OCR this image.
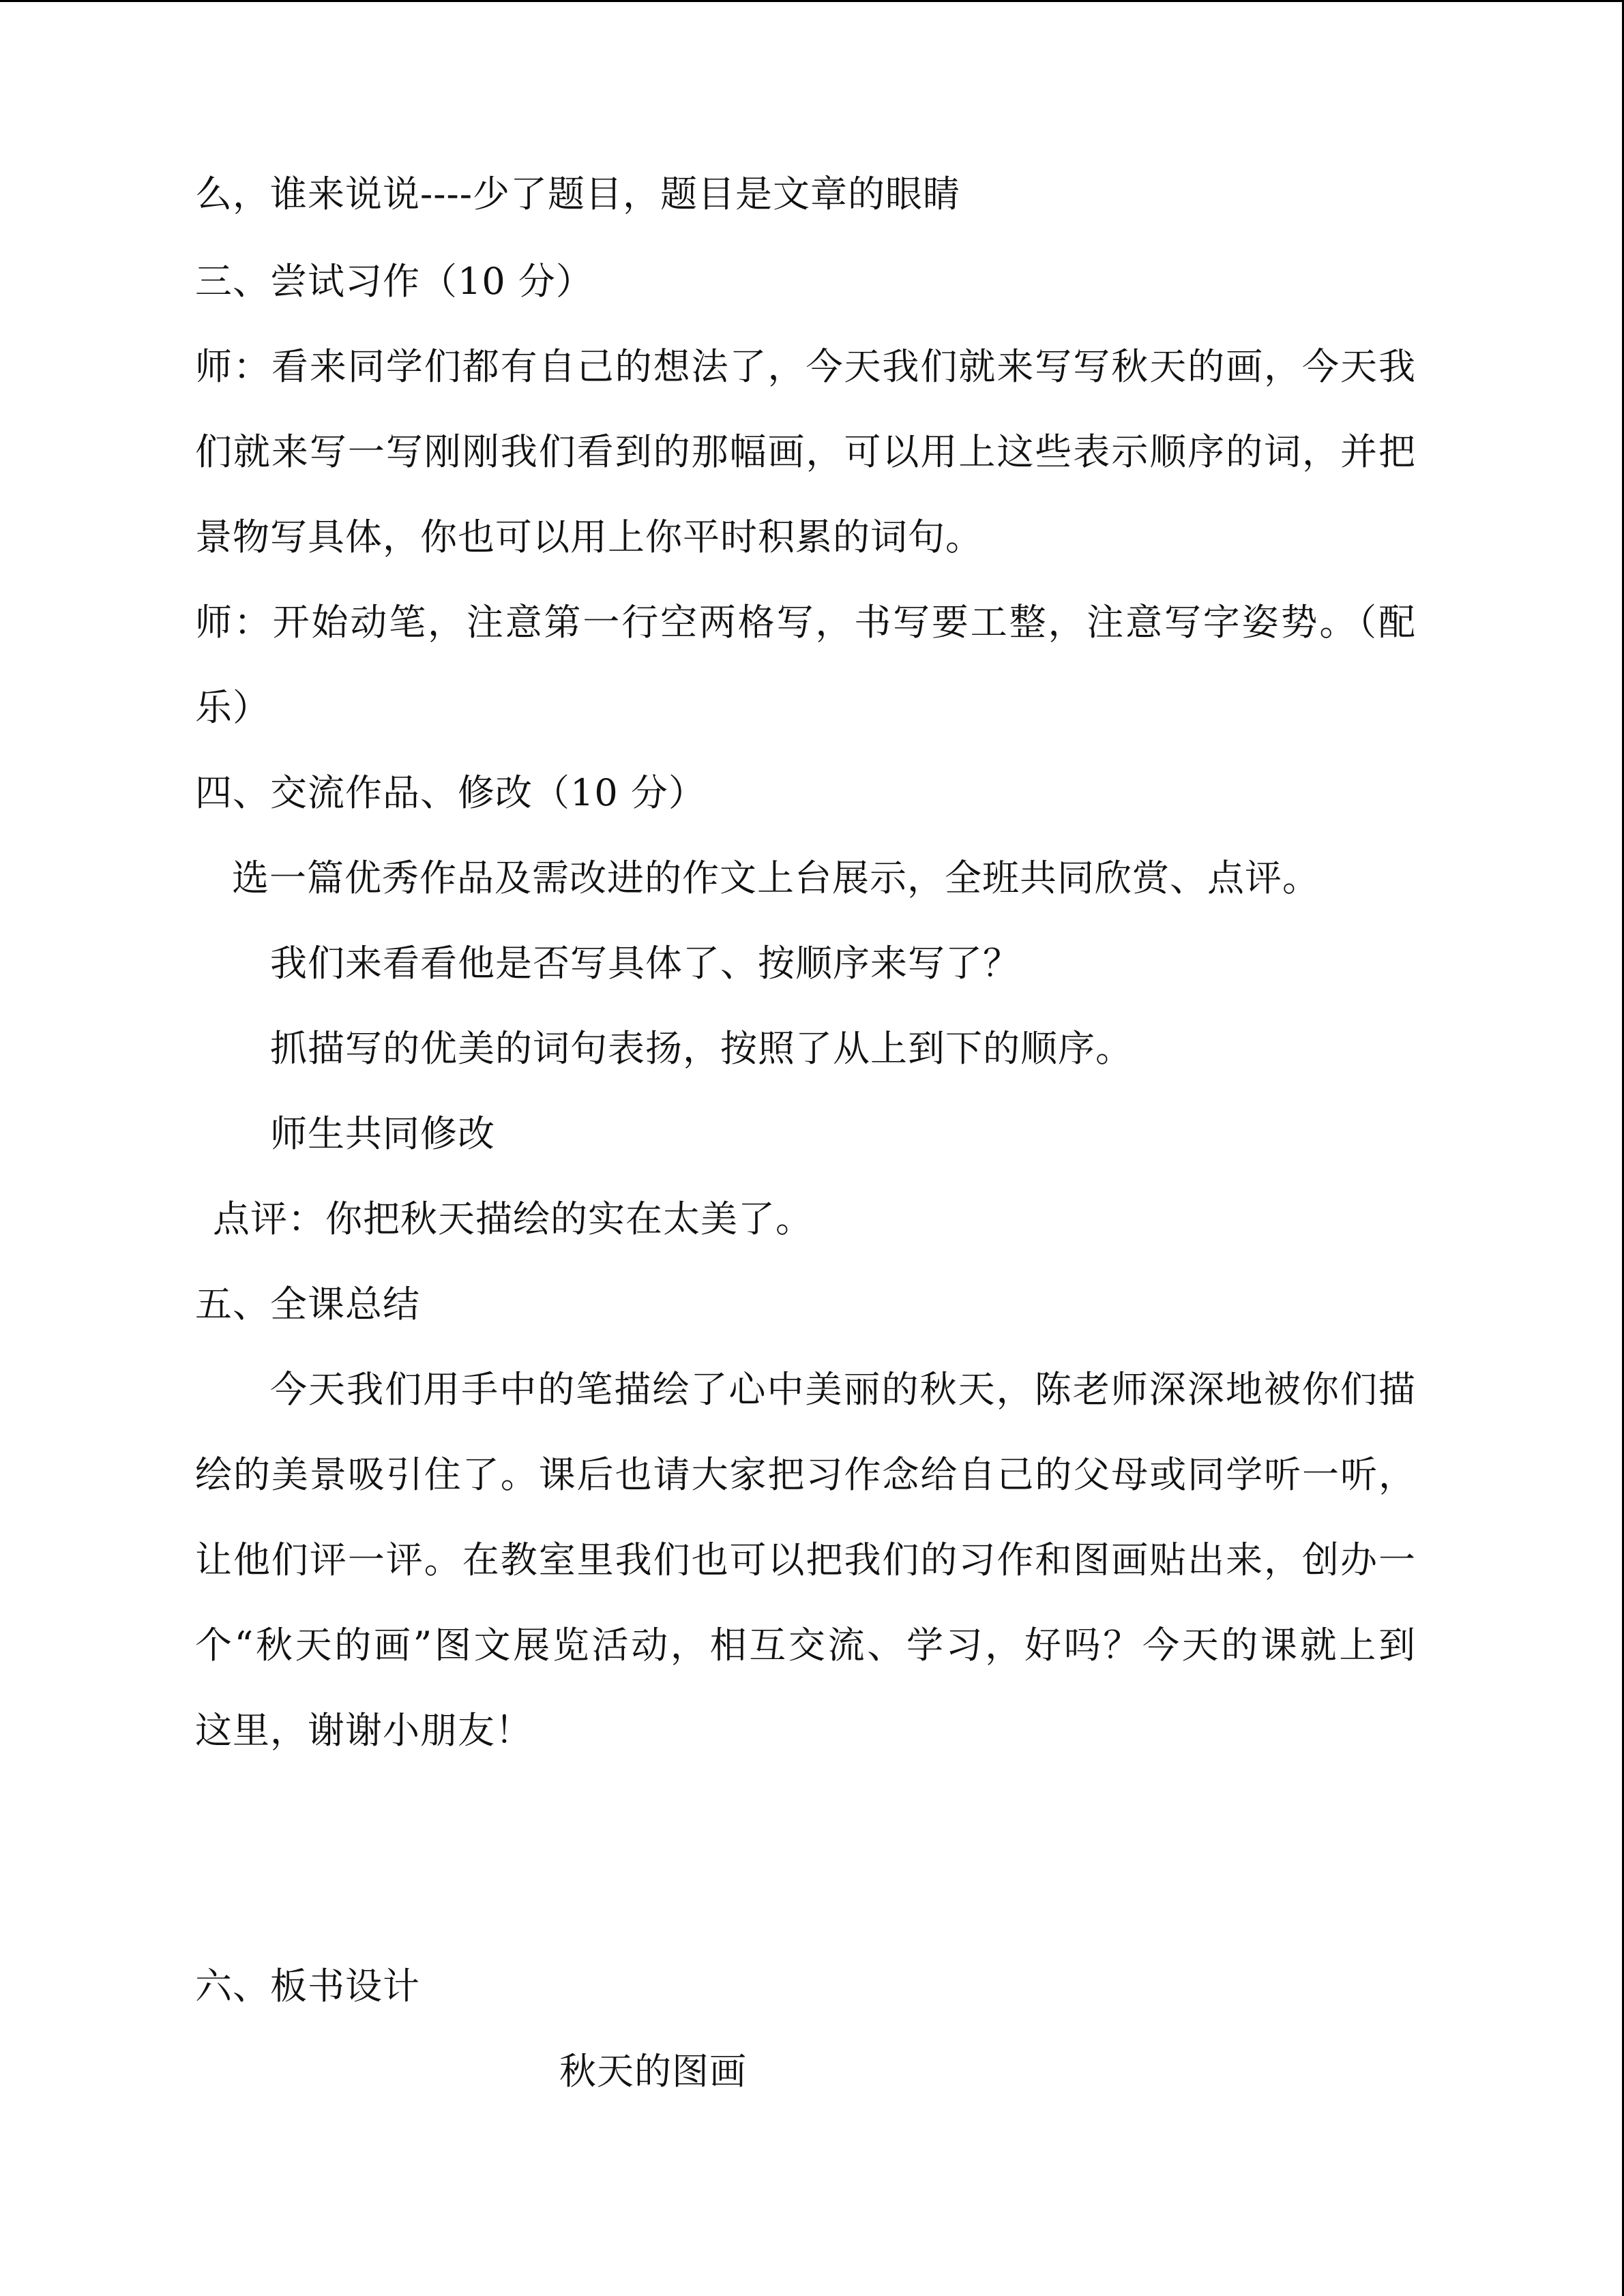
么，谁来说说----少了题目，题目是文章的眼睛
三、尝试习作（10 分）
师：看来同学们都有自己的想法了，今天我们就来写写秋天的画，今天我
们就来写一写刚刚我们看到的那幅画，可以用上这些表示顺序的词，并把
景物写具体，你也可以用上你平时积累的词句。
师：开始动笔，注意第一行空两格写，书写要工整，注意写字姿势。（配
乐）
四、交流作品、修改（10 分）
选一篇优秀作品及需改进的作文上台展示，全班共同欣赏、点评。
我们来看看他是否写具体了、按顺序来写了？
抓描写的优美的词句表扬，按照了从上到下的顺序。
师生共同修改
点评：你把秋天描绘的实在太美了。
五、全课总结
今天我们用手中的笔描绘了心中美丽的秋天，陈老师深深地被你们描
绘的美景吸引住了。课后也请大家把习作念给自己的父母或同学听一听，
让他们评一评。在教室里我们也可以把我们的习作和图画贴出来，创办一
个“秋天的画”图文展览活动，相互交流、学习，好吗？今天的课就上到
这里，谢谢小朋友！
六、板书设计
秋天的图画
